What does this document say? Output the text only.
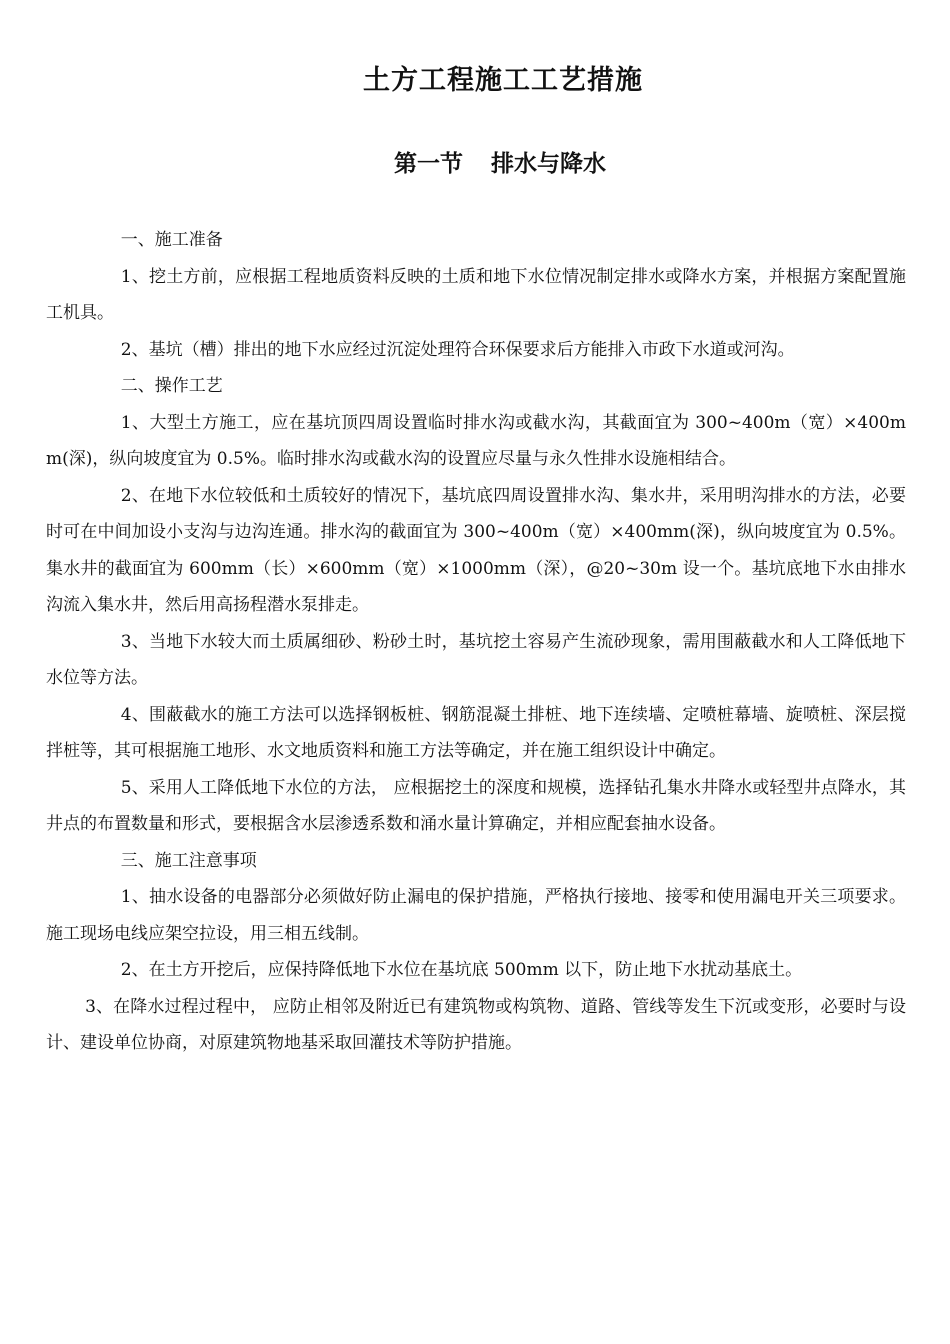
土方工程施工工艺措施
第一节 排水与降水

一、施工准备

1、挖土方前，应根据工程地质资料反映的土质和地下水位情况制定排水或降水方案，并根据方案配置施工机具。

2、基坑（槽）排出的地下水应经过沉淀处理符合环保要求后方能排入市政下水道或河沟。

二、操作工艺

1、大型土方施工，应在基坑顶四周设置临时排水沟或截水沟，其截面宜为 300~400m（宽）×400mm(深)，纵向坡度宜为 0.5%。临时排水沟或截水沟的设置应尽量与永久性排水设施相结合。

2、在地下水位较低和土质较好的情况下，基坑底四周设置排水沟、集水井，采用明沟排水的方法，必要时可在中间加设小支沟与边沟连通。排水沟的截面宜为 300~400m（宽）×400mm(深)，纵向坡度宜为 0.5%。集水井的截面宜为 600mm（长）×600mm（宽）×1000mm（深），@20~30m 设一个。基坑底地下水由排水沟流入集水井，然后用高扬程潜水泵排走。

3、当地下水较大而土质属细砂、粉砂土时，基坑挖土容易产生流砂现象，需用围蔽截水和人工降低地下水位等方法。

4、围蔽截水的施工方法可以选择钢板桩、钢筋混凝土排桩、地下连续墙、定喷桩幕墙、旋喷桩、深层搅拌桩等，其可根据施工地形、水文地质资料和施工方法等确定，并在施工组织设计中确定。

5、采用人工降低地下水位的方法， 应根据挖土的深度和规模，选择钻孔集水井降水或轻型井点降水，其井点的布置数量和形式，要根据含水层渗透系数和涌水量计算确定，并相应配套抽水设备。

三、施工注意事项

1、抽水设备的电器部分必须做好防止漏电的保护措施，严格执行接地、接零和使用漏电开关三项要求。施工现场电线应架空拉设，用三相五线制。

2、在土方开挖后，应保持降低地下水位在基坑底 500mm 以下，防止地下水扰动基底土。

3、在降水过程过程中， 应防止相邻及附近已有建筑物或构筑物、道路、管线等发生下沉或变形，必要时与设计、建设单位协商，对原建筑物地基采取回灌技术等防护措施。
